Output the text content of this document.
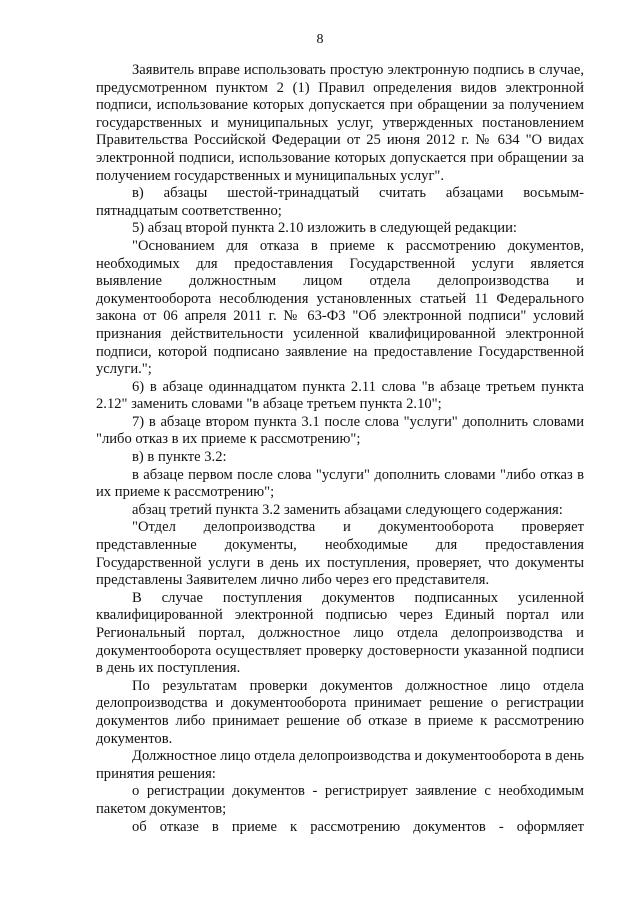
8

Заявитель вправе использовать простую электронную подпись в случае, предусмотренном пунктом 2 (1) Правил определения видов электронной подписи, использование которых допускается при обращении за получением государственных и муниципальных услуг, утвержденных постановлением Правительства Российской Федерации от 25 июня 2012 г. № 634 "О видах электронной подписи, использование которых допускается при обращении за получением государственных и муниципальных услуг".

в) абзацы шестой-тринадцатый считать абзацами восьмым-пятнадцатым соответственно;

5) абзац второй пункта 2.10 изложить в следующей редакции:

"Основанием для отказа в приеме к рассмотрению документов, необходимых для предоставления Государственной услуги является выявление должностным лицом отдела делопроизводства и документооборота несоблюдения установленных статьей 11 Федерального закона от 06 апреля 2011 г. № 63-ФЗ "Об электронной подписи" условий признания действительности усиленной квалифицированной электронной подписи, которой подписано заявление на предоставление Государственной услуги.";

6) в абзаце одиннадцатом пункта 2.11 слова "в абзаце третьем пункта 2.12" заменить словами "в абзаце третьем пункта 2.10";

7) в абзаце втором пункта 3.1 после слова "услуги" дополнить словами "либо отказ в их приеме к рассмотрению";

в) в пункте 3.2:

в абзаце первом после слова "услуги" дополнить словами "либо отказ в их приеме к рассмотрению";

абзац третий пункта 3.2 заменить абзацами следующего содержания:

"Отдел делопроизводства и документооборота проверяет представленные документы, необходимые для предоставления Государственной услуги в день их поступления, проверяет, что документы представлены Заявителем лично либо через его представителя.

В случае поступления документов подписанных усиленной квалифицированной электронной подписью через Единый портал или Региональный портал, должностное лицо отдела делопроизводства и документооборота осуществляет проверку достоверности указанной подписи в день их поступления.

По результатам проверки документов должностное лицо отдела делопроизводства и документооборота принимает решение о регистрации документов либо принимает решение об отказе в приеме к рассмотрению документов.

Должностное лицо отдела делопроизводства и документооборота в день принятия решения:

о регистрации документов - регистрирует заявление с необходимым пакетом документов;

об отказе в приеме к рассмотрению документов - оформляет
